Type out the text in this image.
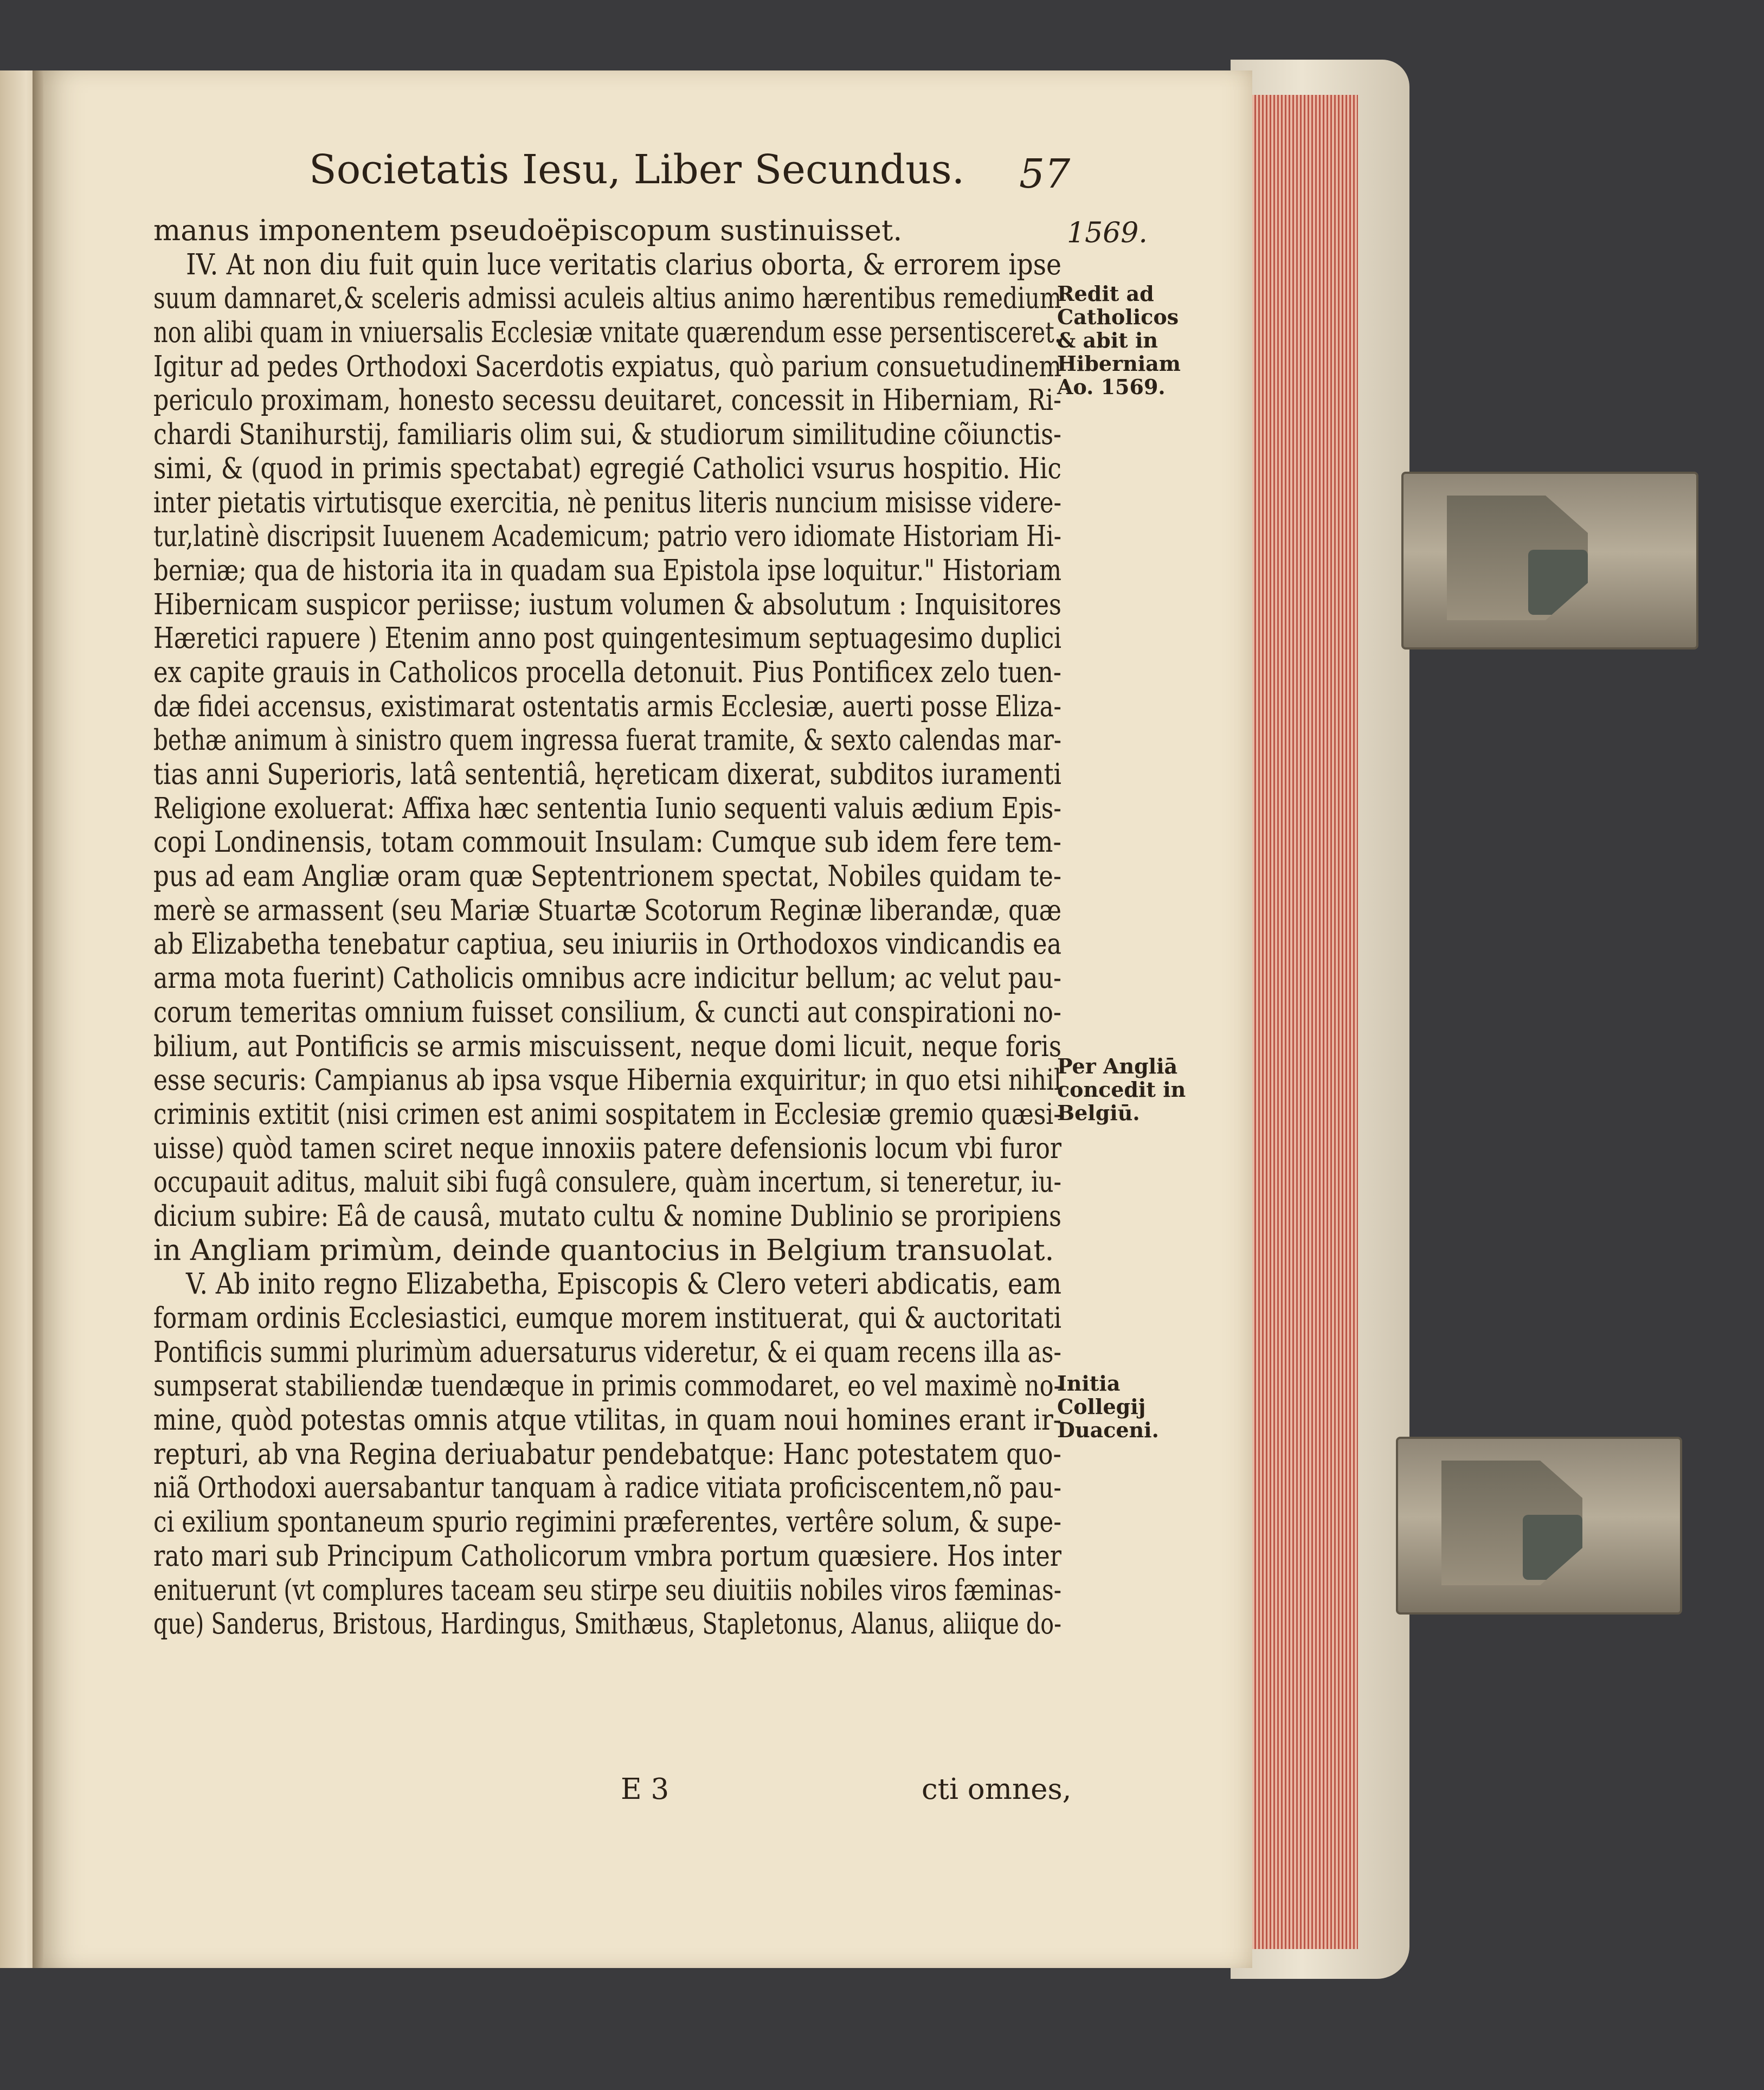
Societatis Iesu, Liber Secundus. 57
1569.
Redit ad Catholicos & abit in Hiberniam Ao. 1569.
Per Angliā concedit in Belgiū.
Initia Collegij Duaceni.
manus imponentem pseudoëpiscopum sustinuisset.
IV. At non diu fuit quin luce veritatis clarius oborta, & errorem ipse
suum damnaret,& sceleris admissi aculeis altius animo hærentibus remedium
non alibi quam in vniuersalis Ecclesiæ vnitate quærendum esse persentisceret.
Igitur ad pedes Orthodoxi Sacerdotis expiatus, quò parium consuetudinem
periculo proximam, honesto secessu deuitaret, concessit in Hiberniam, Ri-
chardi Stanihurstij, familiaris olim sui, & studiorum similitudine cõiunctis-
simi, & (quod in primis spectabat) egregié Catholici vsurus hospitio. Hic
inter pietatis virtutisque exercitia, nè penitus literis nuncium misisse videre-
tur,latinè discripsit Iuuenem Academicum; patrio vero idiomate Historiam Hi-
berniæ; qua de historia ita in quadam sua Epistola ipse loquitur." Historiam
Hibernicam suspicor periisse; iustum volumen & absolutum : Inquisitores
Hæretici rapuere ) Etenim anno post quingentesimum septuagesimo duplici
ex capite grauis in Catholicos procella detonuit. Pius Pontificex zelo tuen-
dæ fidei accensus, existimarat ostentatis armis Ecclesiæ, auerti posse Eliza-
bethæ animum à sinistro quem ingressa fuerat tramite, & sexto calendas mar-
tias anni Superioris, latâ sententiâ, hęreticam dixerat, subditos iuramenti
Religione exoluerat: Affixa hæc sententia Iunio sequenti valuis ædium Epis-
copi Londinensis, totam commouit Insulam: Cumque sub idem fere tem-
pus ad eam Angliæ oram quæ Septentrionem spectat, Nobiles quidam te-
merè se armassent (seu Mariæ Stuartæ Scotorum Reginæ liberandæ, quæ
ab Elizabetha tenebatur captiua, seu iniuriis in Orthodoxos vindicandis ea
arma mota fuerint) Catholicis omnibus acre indicitur bellum; ac velut pau-
corum temeritas omnium fuisset consilium, & cuncti aut conspirationi no-
bilium, aut Pontificis se armis miscuissent, neque domi licuit, neque foris
esse securis: Campianus ab ipsa vsque Hibernia exquiritur; in quo etsi nihil
criminis extitit (nisi crimen est animi sospitatem in Ecclesiæ gremio quæsi-
uisse) quòd tamen sciret neque innoxiis patere defensionis locum vbi furor
occupauit aditus, maluit sibi fugâ consulere, quàm incertum, si teneretur, iu-
dicium subire: Eâ de causâ, mutato cultu & nomine Dublinio se proripiens
in Angliam primùm, deinde quantocius in Belgium transuolat.
V. Ab inito regno Elizabetha, Episcopis & Clero veteri abdicatis, eam
formam ordinis Ecclesiastici, eumque morem instituerat, qui & auctoritati
Pontificis summi plurimùm aduersaturus videretur, & ei quam recens illa as-
sumpserat stabiliendæ tuendæque in primis commodaret, eo vel maximè no-
mine, quòd potestas omnis atque vtilitas, in quam noui homines erant ir-
repturi, ab vna Regina deriuabatur pendebatque: Hanc potestatem quo-
niã Orthodoxi auersabantur tanquam à radice vitiata proficiscentem,nõ pau-
ci exilium spontaneum spurio regimini præferentes, vertêre solum, & supe-
rato mari sub Principum Catholicorum vmbra portum quæsiere. Hos inter
enituerunt (vt complures taceam seu stirpe seu diuitiis nobiles viros fæminas-
que) Sanderus, Bristous, Hardingus, Smithæus, Stapletonus, Alanus, aliique do-
E 3	cti omnes,
